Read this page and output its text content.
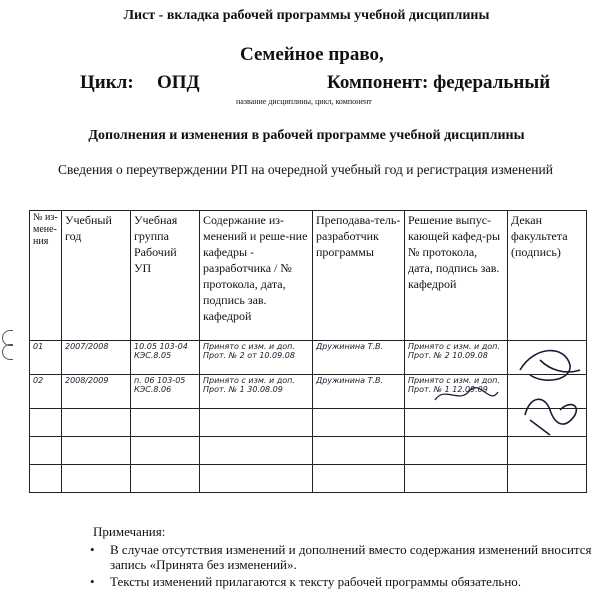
Лист - вкладка рабочей программы учебной дисциплины
Семейное право,
Цикл: ОПД	Компонент: федеральный
название дисциплины, цикл, компонент
Дополнения и изменения в рабочей программе учебной дисциплины
Сведения о переутверждении РП на очередной учебный год и регистрация изменений
№ из-мене-ния	Учебный год	Учебная группа Рабочий УП	Содержание из-менений и реше-ние кафедры - разработчика / № протокола, дата, подпись зав. кафедрой	Преподава-тель-разработчик программы	Решение выпус-кающей кафед-ры № протокола, дата, подпись зав. кафедрой	Декан факультета (подпись)
01	2007/2008	10.05 103-04 КЭС.8.05	Принято с изм. и доп. Прот. № 2 от 10.09.08	Дружинина Т.В.	Принято с изм. и доп. Прот. № 2 10.09.08	
02	2008/2009	п. 06 103-05 КЭС.8.06	Принято с изм. и доп. Прот. № 1 30.08.09	Дружинина Т.В.	Принято с изм. и доп. Прот. № 1 12.09.09	

Примечания:
• В случае отсутствия изменений и дополнений вместо содержания изменений вносится запись «Принята без изменений».
• Тексты изменений прилагаются к тексту рабочей программы обязательно.
